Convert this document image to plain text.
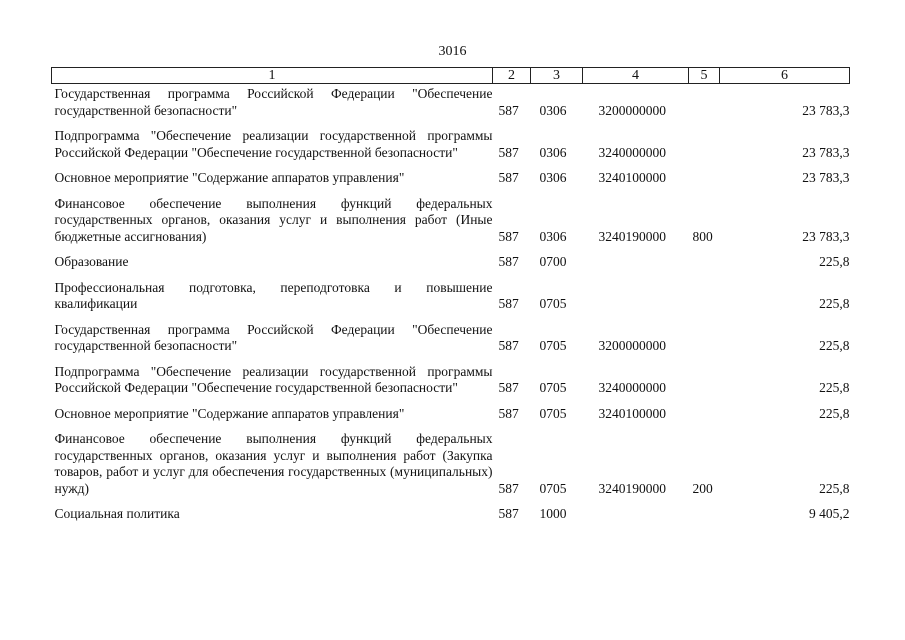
3016
1	2	3	4	5	6
Государственная программа Российской Федерации "Обеспечение государственной безопасности"	587	0306	3200000000		23 783,3
Подпрограмма "Обеспечение реализации государственной программы Российской Федерации "Обеспечение государственной безопасности"	587	0306	3240000000		23 783,3
Основное мероприятие "Содержание аппаратов управления"	587	0306	3240100000		23 783,3
Финансовое обеспечение выполнения функций федеральных государственных органов, оказания услуг и выполнения работ (Иные бюджетные ассигнования)	587	0306	3240190000	800	23 783,3
Образование	587	0700			225,8
Профессиональная подготовка, переподготовка и повышение квалификации	587	0705			225,8
Государственная программа Российской Федерации "Обеспечение государственной безопасности"	587	0705	3200000000		225,8
Подпрограмма "Обеспечение реализации государственной программы Российской Федерации "Обеспечение государственной безопасности"	587	0705	3240000000		225,8
Основное мероприятие "Содержание аппаратов управления"	587	0705	3240100000		225,8
Финансовое обеспечение выполнения функций федеральных государственных органов, оказания услуг и выполнения работ (Закупка товаров, работ и услуг для обеспечения государственных (муниципальных) нужд)	587	0705	3240190000	200	225,8
Социальная политика	587	1000			9 405,2
